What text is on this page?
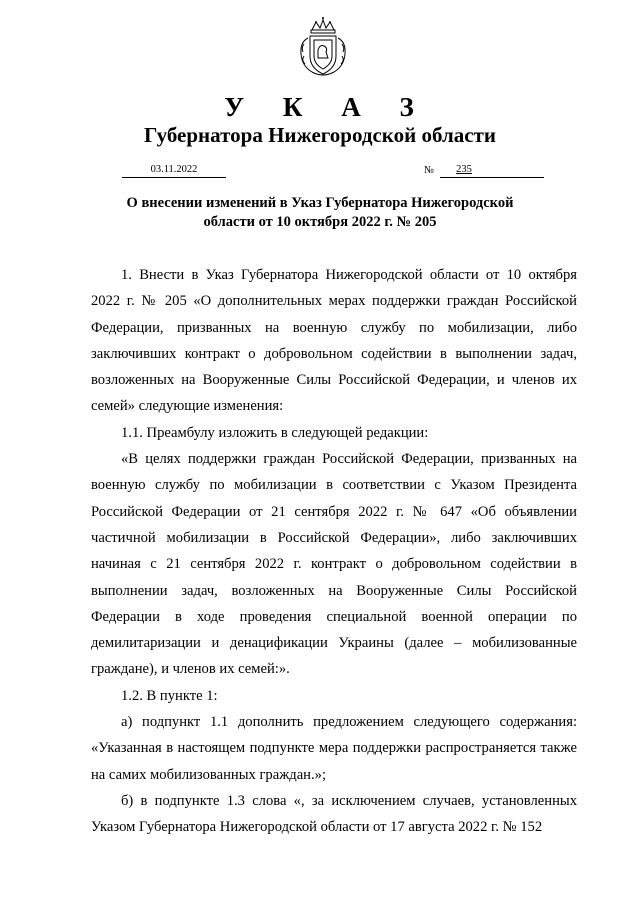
У К А З
Губернатора Нижегородской области
03.11.2022	№	235
О внесении изменений в Указ Губернатора Нижегородской области от 10 октября 2022 г. № 205

1. Внести в Указ Губернатора Нижегородской области от 10 октября 2022 г. № 205 «О дополнительных мерах поддержки граждан Российской Федерации, призванных на военную службу по мобилизации, либо заключивших контракт о добровольном содействии в выполнении задач, возложенных на Вооруженные Силы Российской Федерации, и членов их семей» следующие изменения:

1.1. Преамбулу изложить в следующей редакции:

«В целях поддержки граждан Российской Федерации, призванных на военную службу по мобилизации в соответствии с Указом Президента Российской Федерации от 21 сентября 2022 г. № 647 «Об объявлении частичной мобилизации в Российской Федерации», либо заключивших начиная с 21 сентября 2022 г. контракт о добровольном содействии в выполнении задач, возложенных на Вооруженные Силы Российской Федерации в ходе проведения специальной военной операции по демилитаризации и денацификации Украины (далее – мобилизованные граждане), и членов их семей:».

1.2. В пункте 1:

а) подпункт 1.1 дополнить предложением следующего содержания: «Указанная в настоящем подпункте мера поддержки распространяется также на самих мобилизованных граждан.»;

б) в подпункте 1.3 слова «, за исключением случаев, установленных Указом Губернатора Нижегородской области от 17 августа 2022 г. № 152
